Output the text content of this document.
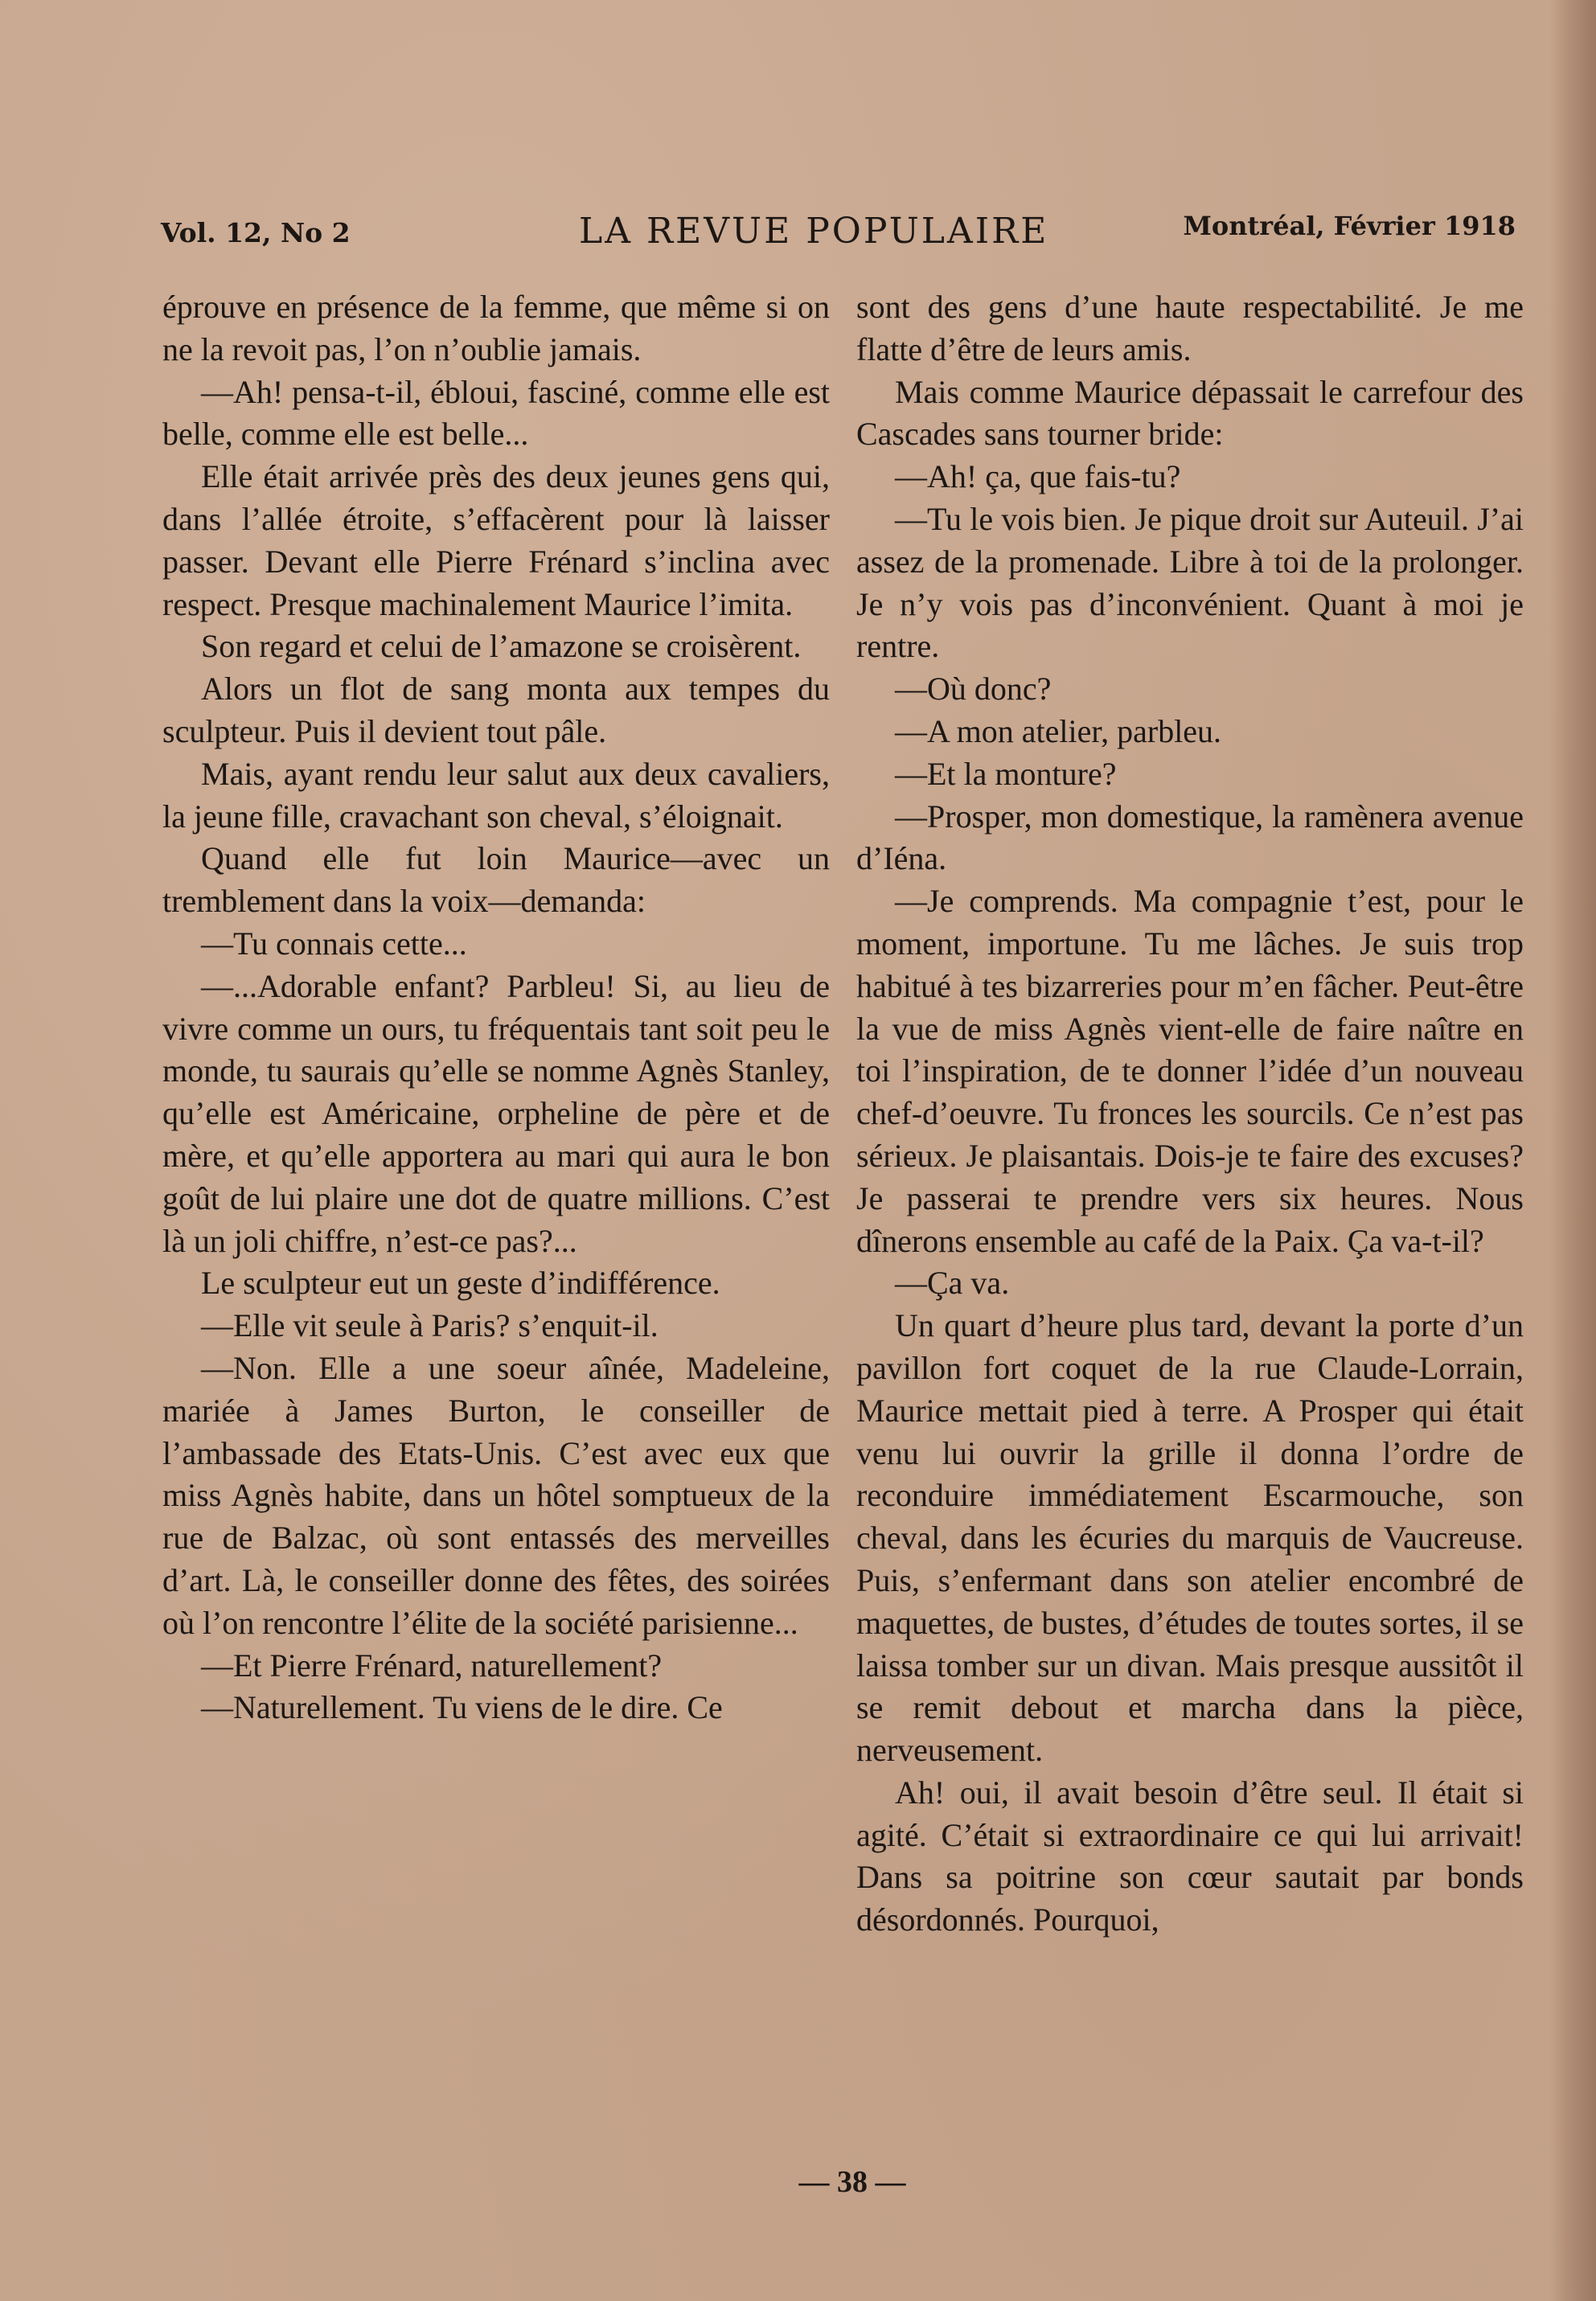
Vol. 12, No 2	LA REVUE POPULAIRE	Montréal, Février 1918

éprouve en présence de la femme, que même si on ne la revoit pas, l’on n’oublie jamais.

—Ah! pensa-t-il, ébloui, fasciné, comme elle est belle, comme elle est belle...

Elle était arrivée près des deux jeunes gens qui, dans l’allée étroite, s’effacèrent pour là laisser passer. Devant elle Pierre Frénard s’inclina avec respect. Presque machinalement Maurice l’imita.

Son regard et celui de l’amazone se croisèrent.

Alors un flot de sang monta aux tempes du sculpteur. Puis il devient tout pâle.

Mais, ayant rendu leur salut aux deux cavaliers, la jeune fille, cravachant son cheval, s’éloignait.

Quand elle fut loin Maurice—avec un tremblement dans la voix—demanda:

—Tu connais cette...

—...Adorable enfant? Parbleu! Si, au lieu de vivre comme un ours, tu fréquentais tant soit peu le monde, tu saurais qu’elle se nomme Agnès Stanley, qu’elle est Américaine, orpheline de père et de mère, et qu’elle apportera au mari qui aura le bon goût de lui plaire une dot de quatre millions. C’est là un joli chiffre, n’est-ce pas?...

Le sculpteur eut un geste d’indifférence.

—Elle vit seule à Paris? s’enquit-il.

—Non. Elle a une soeur aînée, Madeleine, mariée à James Burton, le conseiller de l’ambassade des Etats-Unis. C’est avec eux que miss Agnès habite, dans un hôtel somptueux de la rue de Balzac, où sont entassés des merveilles d’art. Là, le conseiller donne des fêtes, des soirées où l’on rencontre l’élite de la société parisienne...

—Et Pierre Frénard, naturellement?

—Naturellement. Tu viens de le dire. Ce

sont des gens d’une haute respectabilité. Je me flatte d’être de leurs amis.

Mais comme Maurice dépassait le carrefour des Cascades sans tourner bride:

—Ah! ça, que fais-tu?

—Tu le vois bien. Je pique droit sur Auteuil. J’ai assez de la promenade. Libre à toi de la prolonger. Je n’y vois pas d’inconvénient. Quant à moi je rentre.

—Où donc?

—A mon atelier, parbleu.

—Et la monture?

—Prosper, mon domestique, la ramènera avenue d’Iéna.

—Je comprends. Ma compagnie t’est, pour le moment, importune. Tu me lâches. Je suis trop habitué à tes bizarreries pour m’en fâcher. Peut-être la vue de miss Agnès vient-elle de faire naître en toi l’inspiration, de te donner l’idée d’un nouveau chef-d’oeuvre. Tu fronces les sourcils. Ce n’est pas sérieux. Je plaisantais. Dois-je te faire des excuses? Je passerai te prendre vers six heures. Nous dînerons ensemble au café de la Paix. Ça va-t-il?

—Ça va.

Un quart d’heure plus tard, devant la porte d’un pavillon fort coquet de la rue Claude-Lorrain, Maurice mettait pied à terre. A Prosper qui était venu lui ouvrir la grille il donna l’ordre de reconduire immédiatement Escarmouche, son cheval, dans les écuries du marquis de Vaucreuse. Puis, s’enfermant dans son atelier encombré de maquettes, de bustes, d’études de toutes sortes, il se laissa tomber sur un divan. Mais presque aussitôt il se remit debout et marcha dans la pièce, nerveusement.

Ah! oui, il avait besoin d’être seul. Il était si agité. C’était si extraordinaire ce qui lui arrivait! Dans sa poitrine son cœur sautait par bonds désordonnés. Pourquoi,

— 38 —
